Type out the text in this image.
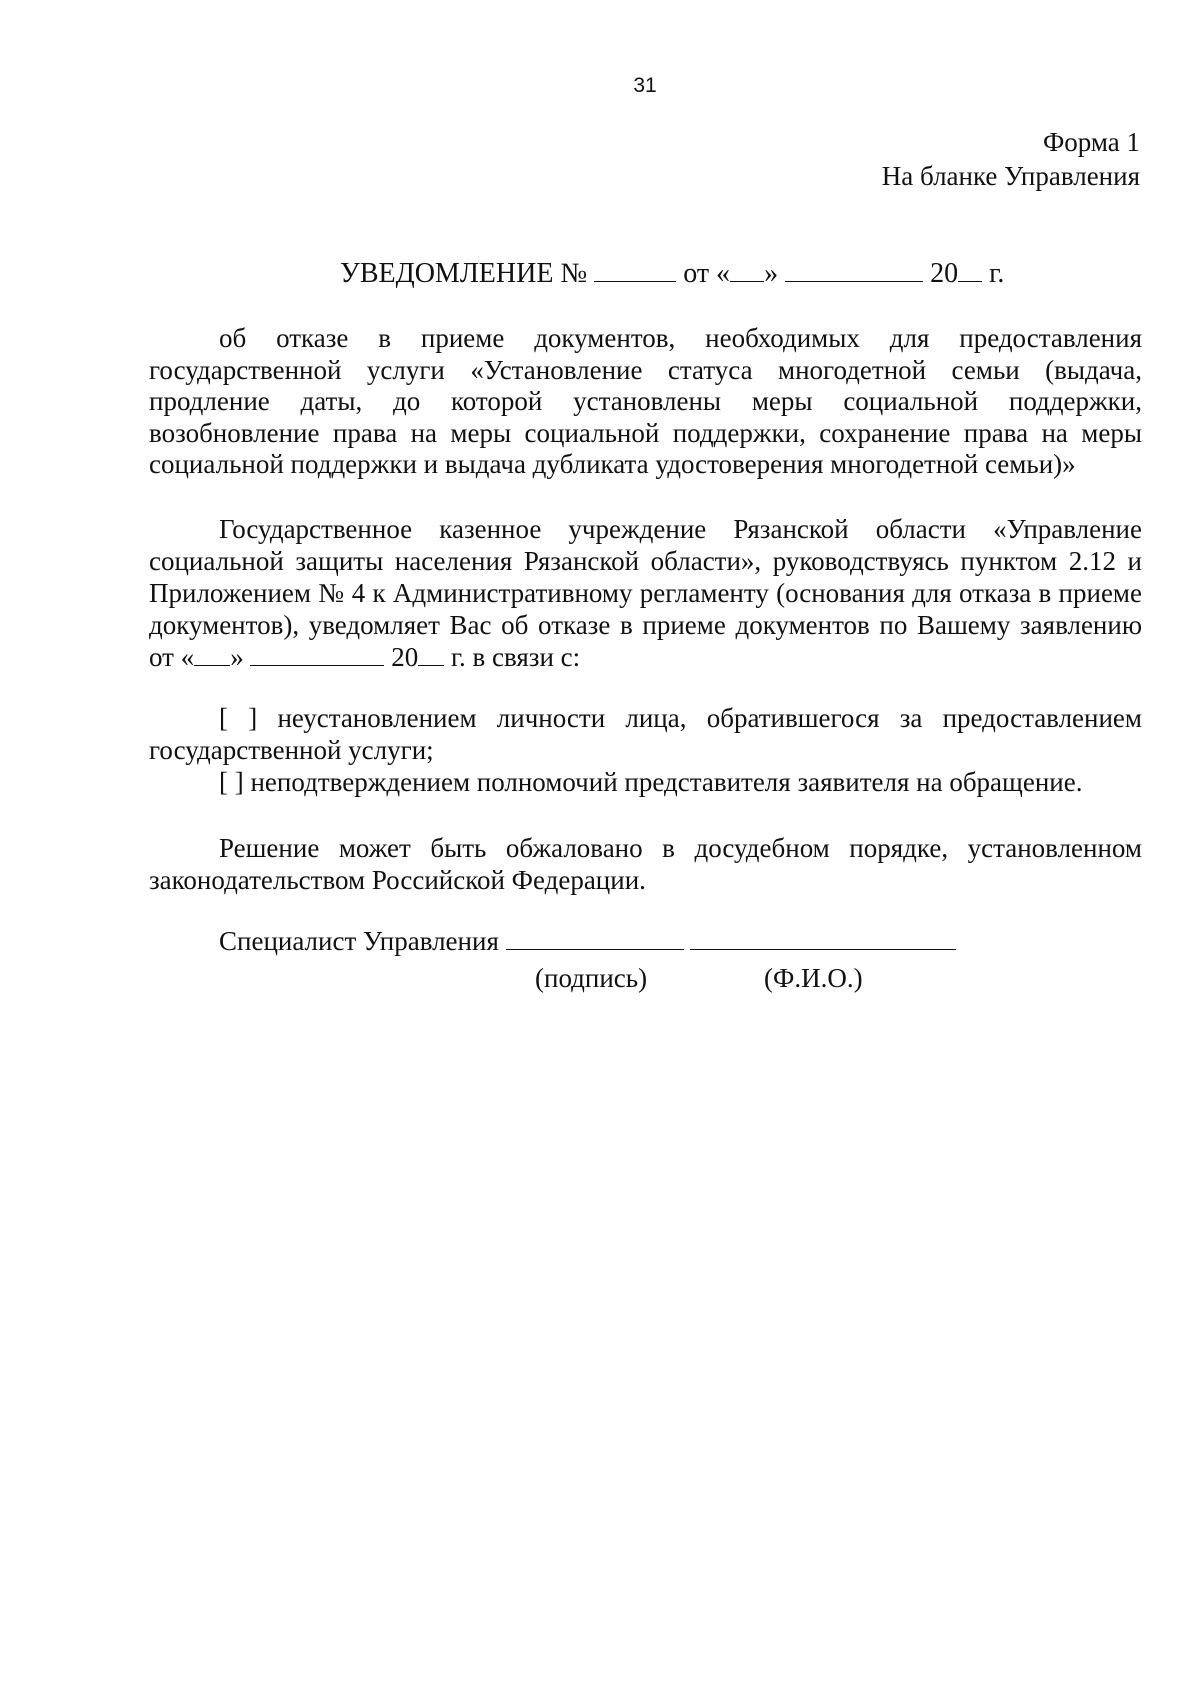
31
Форма 1
На бланке Управления
УВЕДОМЛЕНИЕ №	от « »	20 г.
об отказе в приеме документов, необходимых для предоставления государственной услуги «Установление статуса многодетной семьи (выдача, продление даты, до которой установлены меры социальной поддержки, возобновление права на меры социальной поддержки, сохранение права на меры социальной поддержки и выдача дубликата удостоверения многодетной семьи)»
Государственное казенное учреждение Рязанской области «Управление социальной защиты населения Рязанской области», руководствуясь пунктом 2.12 и Приложением № 4 к Административному регламенту (основания для отказа в приеме документов), уведомляет Вас об отказе в приеме документов по Вашему заявлению от « »	20 г. в связи с:
[ ] неустановлением личности лица, обратившегося за предоставлением государственной услуги;
[ ] неподтверждением полномочий представителя заявителя на обращение.
Решение может быть обжаловано в досудебном порядке, установленном законодательством Российской Федерации.
Специалист Управления
(подпись)	(Ф.И.О.)
